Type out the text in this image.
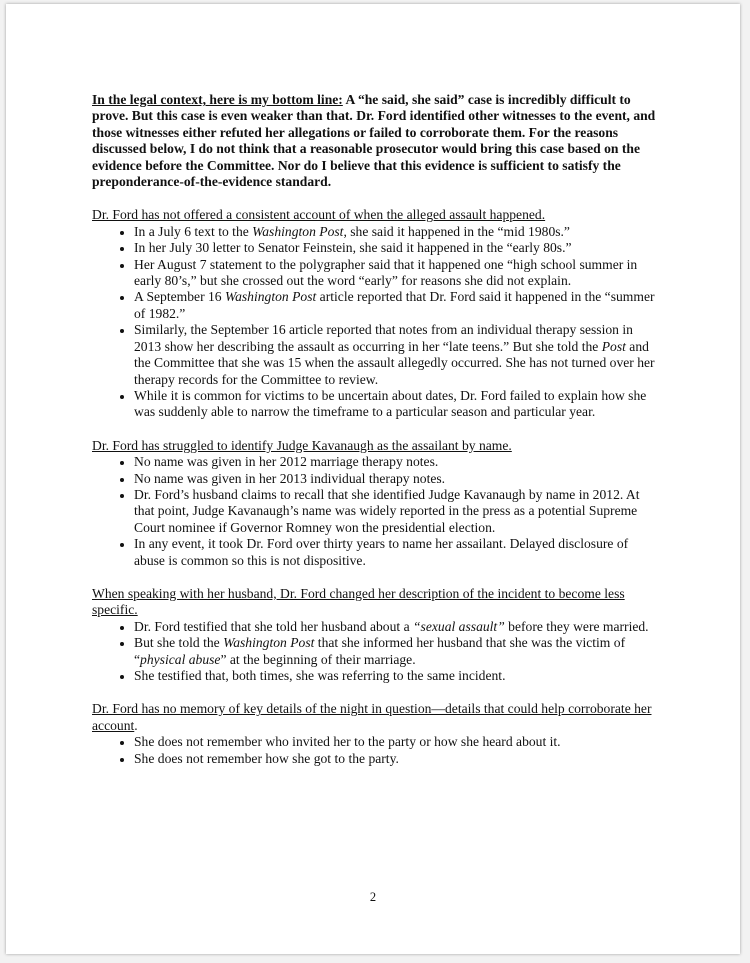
In the legal context, here is my bottom line: A “he said, she said” case is incredibly difficult to prove. But this case is even weaker than that. Dr. Ford identified other witnesses to the event, and those witnesses either refuted her allegations or failed to corroborate them. For the reasons discussed below, I do not think that a reasonable prosecutor would bring this case based on the evidence before the Committee. Nor do I believe that this evidence is sufficient to satisfy the preponderance-of-the-evidence standard.

Dr. Ford has not offered a consistent account of when the alleged assault happened.

• In a July 6 text to the Washington Post, she said it happened in the “mid 1980s.”
• In her July 30 letter to Senator Feinstein, she said it happened in the “early 80s.”
• Her August 7 statement to the polygrapher said that it happened one “high school summer in early 80’s,” but she crossed out the word “early” for reasons she did not explain.
• A September 16 Washington Post article reported that Dr. Ford said it happened in the “summer of 1982.”
• Similarly, the September 16 article reported that notes from an individual therapy session in 2013 show her describing the assault as occurring in her “late teens.” But she told the Post and the Committee that she was 15 when the assault allegedly occurred. She has not turned over her therapy records for the Committee to review.
• While it is common for victims to be uncertain about dates, Dr. Ford failed to explain how she was suddenly able to narrow the timeframe to a particular season and particular year.

Dr. Ford has struggled to identify Judge Kavanaugh as the assailant by name.

• No name was given in her 2012 marriage therapy notes.
• No name was given in her 2013 individual therapy notes.
• Dr. Ford’s husband claims to recall that she identified Judge Kavanaugh by name in 2012. At that point, Judge Kavanaugh’s name was widely reported in the press as a potential Supreme Court nominee if Governor Romney won the presidential election.
• In any event, it took Dr. Ford over thirty years to name her assailant. Delayed disclosure of abuse is common so this is not dispositive.

When speaking with her husband, Dr. Ford changed her description of the incident to become less specific.

• Dr. Ford testified that she told her husband about a “sexual assault” before they were married.
• But she told the Washington Post that she informed her husband that she was the victim of “physical abuse” at the beginning of their marriage.
• She testified that, both times, she was referring to the same incident.

Dr. Ford has no memory of key details of the night in question—details that could help corroborate her account.

• She does not remember who invited her to the party or how she heard about it.
• She does not remember how she got to the party.
2
